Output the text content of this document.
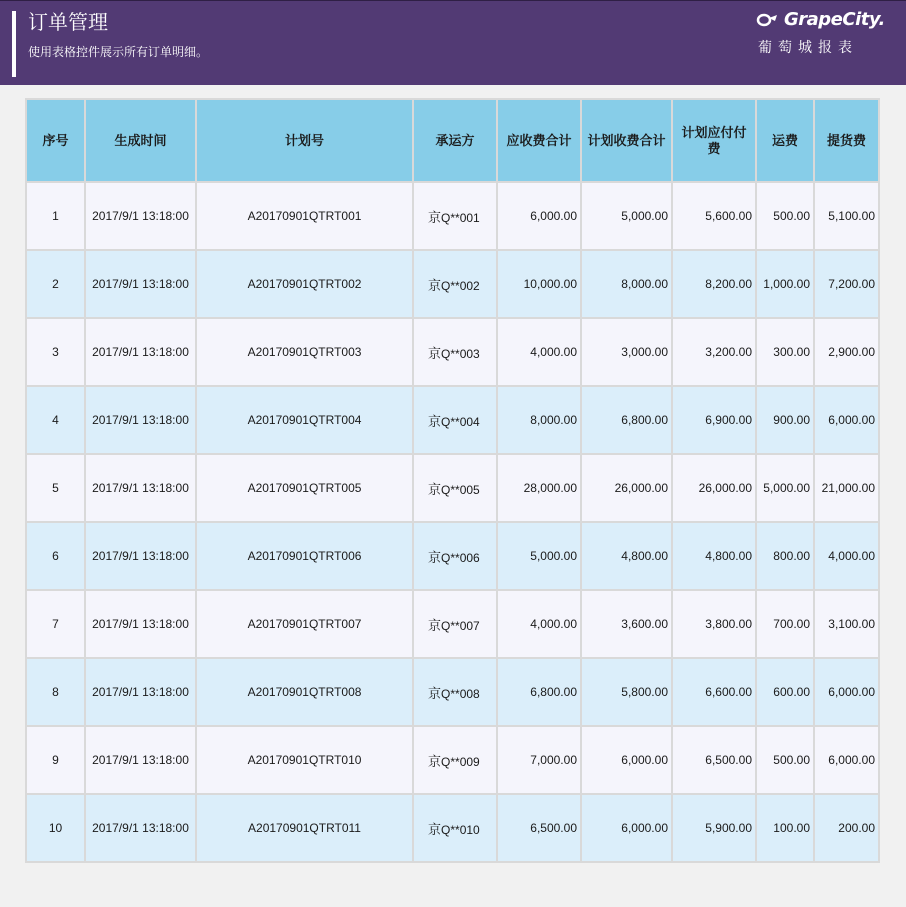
订单管理
使用表格控件展示所有订单明细。
GrapeCity.
葡萄城报表
序号	生成时间	计划号	承运方	应收费合计	计划收费合计	计划应付付费	运费	提货费
1	2017/9/1 13:18:00	A20170901QTRT001	京Q**001	6,000.00	5,000.00	5,600.00	500.00	5,100.00
2	2017/9/1 13:18:00	A20170901QTRT002	京Q**002	10,000.00	8,000.00	8,200.00	1,000.00	7,200.00
3	2017/9/1 13:18:00	A20170901QTRT003	京Q**003	4,000.00	3,000.00	3,200.00	300.00	2,900.00
4	2017/9/1 13:18:00	A20170901QTRT004	京Q**004	8,000.00	6,800.00	6,900.00	900.00	6,000.00
5	2017/9/1 13:18:00	A20170901QTRT005	京Q**005	28,000.00	26,000.00	26,000.00	5,000.00	21,000.00
6	2017/9/1 13:18:00	A20170901QTRT006	京Q**006	5,000.00	4,800.00	4,800.00	800.00	4,000.00
7	2017/9/1 13:18:00	A20170901QTRT007	京Q**007	4,000.00	3,600.00	3,800.00	700.00	3,100.00
8	2017/9/1 13:18:00	A20170901QTRT008	京Q**008	6,800.00	5,800.00	6,600.00	600.00	6,000.00
9	2017/9/1 13:18:00	A20170901QTRT010	京Q**009	7,000.00	6,000.00	6,500.00	500.00	6,000.00
10	2017/9/1 13:18:00	A20170901QTRT011	京Q**010	6,500.00	6,000.00	5,900.00	100.00	200.00
